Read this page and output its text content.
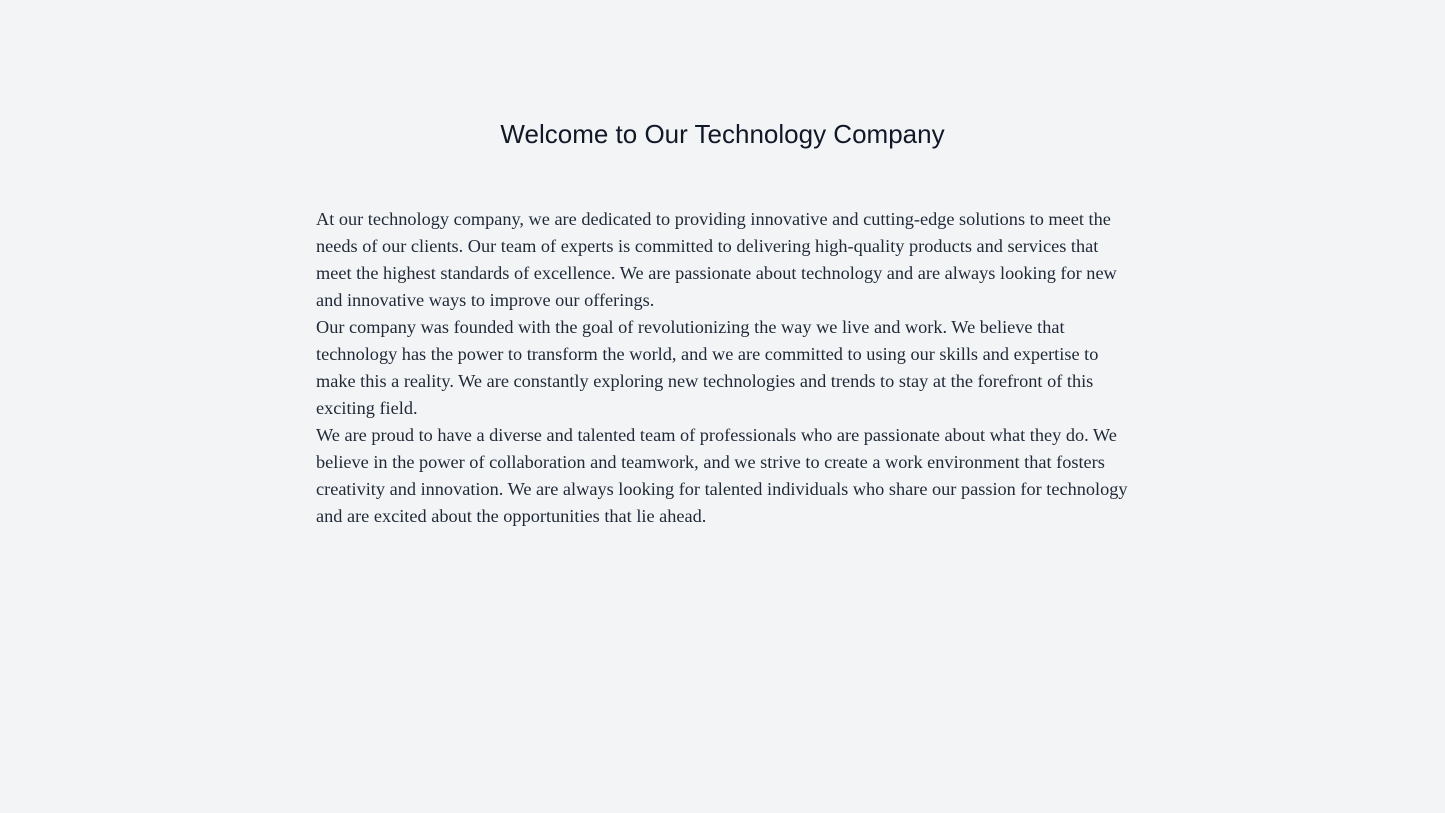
Welcome to Our Technology Company

At our technology company, we are dedicated to providing innovative and cutting-edge solutions to meet the needs of our clients. Our team of experts is committed to delivering high-quality products and services that meet the highest standards of excellence. We are passionate about technology and are always looking for new and innovative ways to improve our offerings.

Our company was founded with the goal of revolutionizing the way we live and work. We believe that technology has the power to transform the world, and we are committed to using our skills and expertise to make this a reality. We are constantly exploring new technologies and trends to stay at the forefront of this exciting field.

We are proud to have a diverse and talented team of professionals who are passionate about what they do. We believe in the power of collaboration and teamwork, and we strive to create a work environment that fosters creativity and innovation. We are always looking for talented individuals who share our passion for technology and are excited about the opportunities that lie ahead.
